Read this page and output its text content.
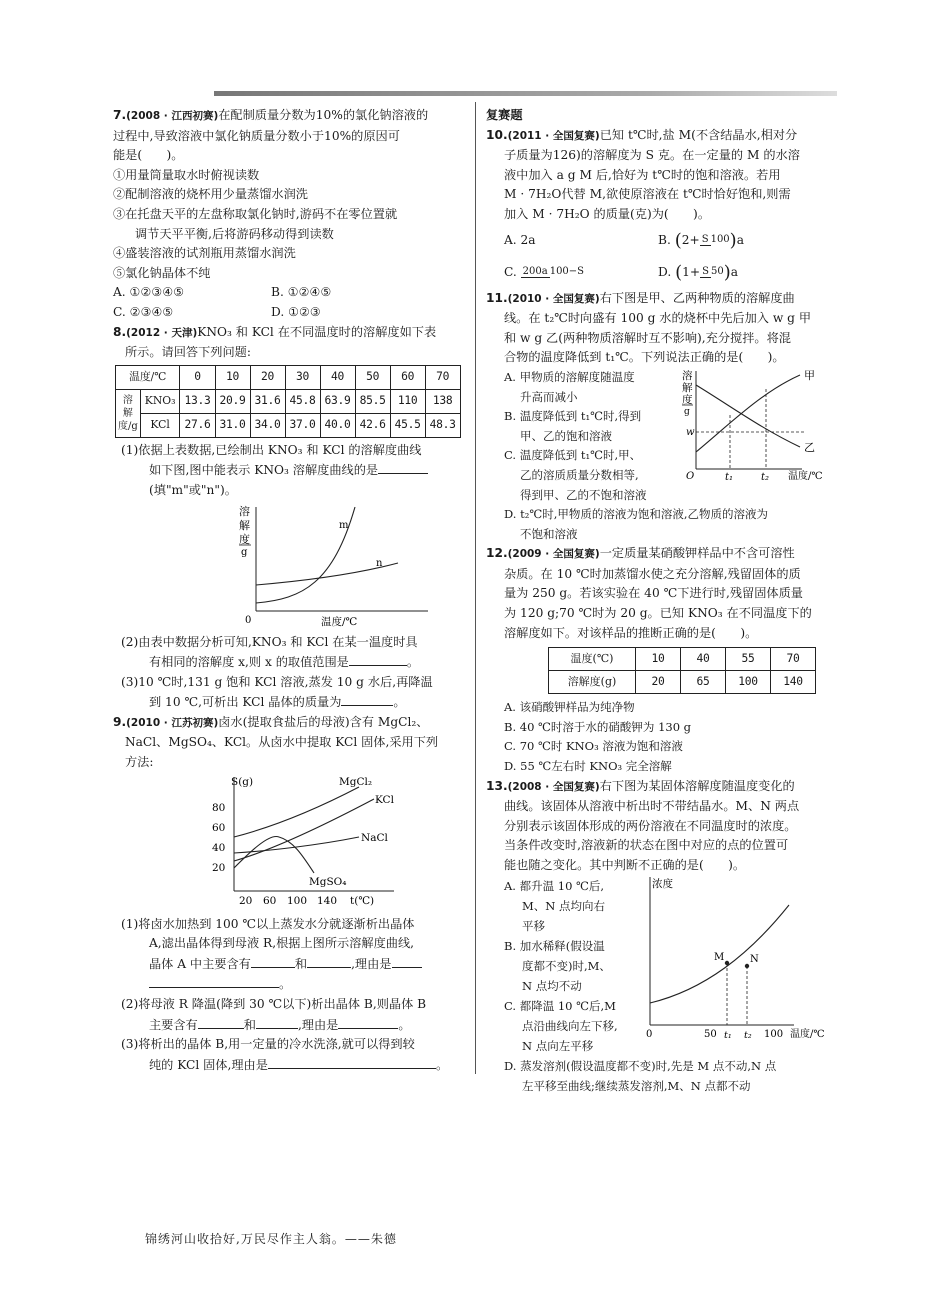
7.(2008 · 江西初赛)在配制质量分数为10%的氯化钠溶液的

过程中,导致溶液中氯化钠质量分数小于10%的原因可

能是(　　)。

①用量筒量取水时俯视读数

②配制溶液的烧杯用少量蒸馏水润洗

③在托盘天平的左盘称取氯化钠时,游码不在零位置就

调节天平平衡,后将游码移动得到读数

④盛装溶液的试剂瓶用蒸馏水润洗

⑤氯化钠晶体不纯

A. ①②③④⑤	B. ①②④⑤
C. ②③④⑤	D. ①②③

8.(2012 · 天津)KNO₃ 和 KCl 在不同温度时的溶解度如下表

所示。请回答下列问题:

温度/℃		0	10	20	30	40	50	60	70
溶
解
度/g	KNO₃	13.3	20.9	31.6	45.8	63.9	85.5	110	138
	KCl	27.6	31.0	34.0	37.0	40.0	42.6	45.5	48.3

(1)依据上表数据,已绘制出 KNO₃ 和 KCl 的溶解度曲线

如下图,图中能表示 KNO₃ 溶解度曲线的是

(填"m"或"n")。

溶
解
度
g
0
m
n
温度/℃

(2)由表中数据分析可知,KNO₃ 和 KCl 在某一温度时具

有相同的溶解度 x,则 x 的取值范围是	。

(3)10 ℃时,131 g 饱和 KCl 溶液,蒸发 10 g 水后,再降温

到 10 ℃,可析出 KCl 晶体的质量为	。

9.(2010 · 江苏初赛)卤水(提取食盐后的母液)含有 MgCl₂、

NaCl、MgSO₄、KCl。从卤水中提取 KCl 固体,采用下列

方法:

S(g)
80
60
40
20
20 60 100 140 t(℃)
MgCl₂
KCl
NaCl
MgSO₄

(1)将卤水加热到 100 ℃以上蒸发水分就逐渐析出晶体

A,滤出晶体得到母液 R,根据上图所示溶解度曲线,

晶体 A 中主要含有	和	,理由是

。

(2)将母液 R 降温(降到 30 ℃以下)析出晶体 B,则晶体 B

主要含有	和	,理由是	。

(3)将析出的晶体 B,用一定量的冷水洗涤,就可以得到较

纯的 KCl 固体,理由是	。

复赛题

10.(2011 · 全国复赛)已知 t℃时,盐 M(不含结晶水,相对分

子质量为126)的溶解度为 S 克。在一定量的 M 的水溶

液中加入 a g M 后,恰好为 t℃时的饱和溶液。若用

M · 7H₂O代替 M,欲使原溶液在 t℃时恰好饱和,则需

加入 M · 7H₂O 的质量(克)为(　　)。

A. 2a	B. (2+ S 100)a
C. 200a 100−S	D. (1+ S 50)a

11.(2010 · 全国复赛)右下图是甲、乙两种物质的溶解度曲

线。在 t₂℃时向盛有 100 g 水的烧杯中先后加入 w g 甲

和 w g 乙(两种物质溶解时互不影响),充分搅拌。将混

合物的温度降低到 t₁℃。下列说法正确的是(　　)。

A. 甲物质的溶解度随温度

升高而减小

B. 温度降低到 t₁℃时,得到

甲、乙的饱和溶液

C. 温度降低到 t₁℃时,甲、

乙的溶质质量分数相等,

得到甲、乙的不饱和溶液

D. t₂℃时,甲物质的溶液为饱和溶液,乙物质的溶液为

不饱和溶液

溶
解
度
g
甲
乙
w
O	t₁	t₂ 温度/℃

12.(2009 · 全国复赛)一定质量某硝酸钾样品中不含可溶性

杂质。在 10 ℃时加蒸馏水使之充分溶解,残留固体的质

量为 250 g。若该实验在 40 ℃下进行时,残留固体质量

为 120 g;70 ℃时为 20 g。已知 KNO₃ 在不同温度下的

溶解度如下。对该样品的推断正确的是(　　)。

温度(℃)	10	40	55	70
溶解度(g)	20	65	100	140

A. 该硝酸钾样品为纯净物

B. 40 ℃时溶于水的硝酸钾为 130 g

C. 70 ℃时 KNO₃ 溶液为饱和溶液

D. 55 ℃左右时 KNO₃ 完全溶解

13.(2008 · 全国复赛)右下图为某固体溶解度随温度变化的

曲线。该固体从溶液中析出时不带结晶水。M、N 两点

分别表示该固体形成的两份溶液在不同温度时的浓度。

当条件改变时,溶液新的状态在图中对应的点的位置可

能也随之变化。其中判断不正确的是(　　)。

A. 都升温 10 ℃后,

M、N 点均向右

平移

B. 加水稀释(假设温

度都不变)时,M、

N 点均不动

C. 都降温 10 ℃后,M

点沿曲线向左下移,

N 点向左平移

D. 蒸发溶剂(假设温度都不变)时,先是 M 点不动,N 点

左平移至曲线;继续蒸发溶剂,M、N 点都不动

浓度
M	N
0	50 t₁ t₂ 100 温度/℃
锦绣河山收拾好,万民尽作主人翁。——朱德
